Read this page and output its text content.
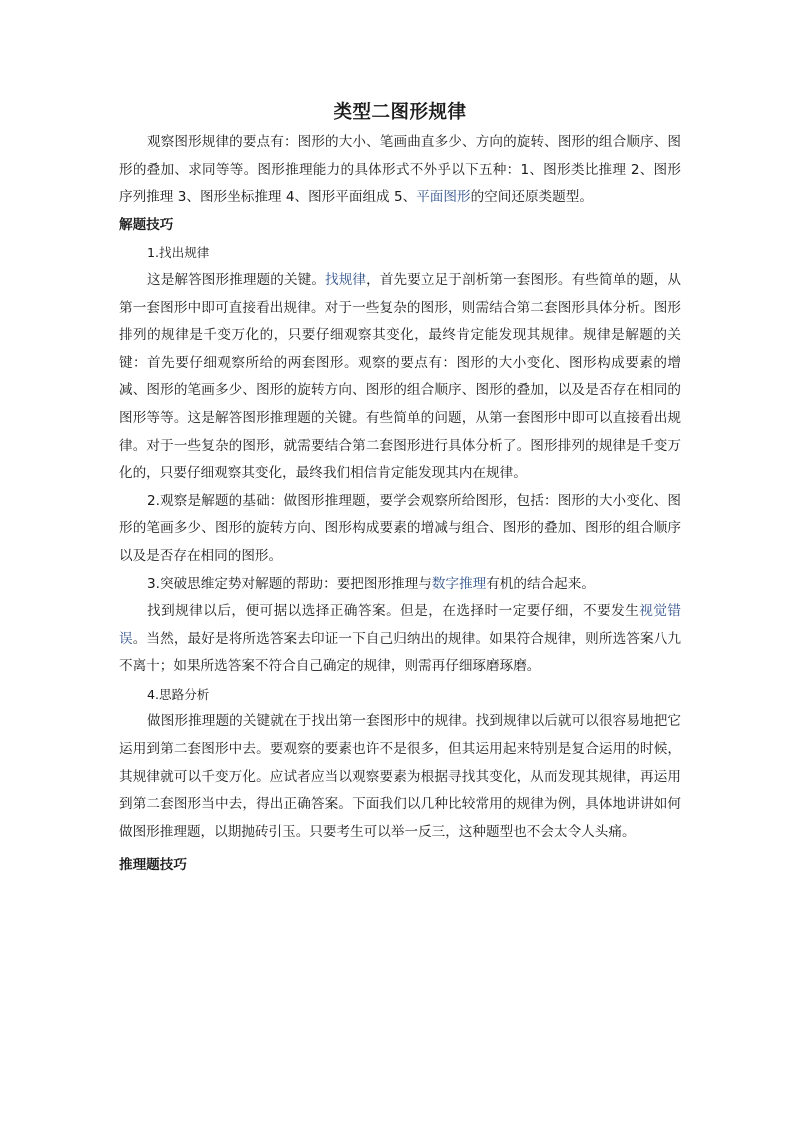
类型二图形规律

观察图形规律的要点有：图形的大小、笔画曲直多少、方向的旋转、图形的组合顺序、图形的叠加、求同等等。图形推理能力的具体形式不外乎以下五种：1、图形类比推理 2、图形序列推理 3、图形坐标推理 4、图形平面组成 5、平面图形的空间还原类题型。

解题技巧

1.找出规律

这是解答图形推理题的关键。找规律，首先要立足于剖析第一套图形。有些简单的题，从第一套图形中即可直接看出规律。对于一些复杂的图形，则需结合第二套图形具体分析。图形排列的规律是千变万化的，只要仔细观察其变化，最终肯定能发现其规律。规律是解题的关键：首先要仔细观察所给的两套图形。观察的要点有：图形的大小变化、图形构成要素的增减、图形的笔画多少、图形的旋转方向、图形的组合顺序、图形的叠加，以及是否存在相同的图形等等。这是解答图形推理题的关键。有些简单的问题，从第一套图形中即可以直接看出规律。对于一些复杂的图形，就需要结合第二套图形进行具体分析了。图形排列的规律是千变万化的，只要仔细观察其变化，最终我们相信肯定能发现其内在规律。

2.观察是解题的基础：做图形推理题，要学会观察所给图形，包括：图形的大小变化、图形的笔画多少、图形的旋转方向、图形构成要素的增减与组合、图形的叠加、图形的组合顺序以及是否存在相同的图形。

3.突破思维定势对解题的帮助：要把图形推理与数字推理有机的结合起来。

找到规律以后，便可据以选择正确答案。但是，在选择时一定要仔细，不要发生视觉错误。当然，最好是将所选答案去印证一下自己归纳出的规律。如果符合规律，则所选答案八九不离十；如果所选答案不符合自己确定的规律，则需再仔细琢磨琢磨。

4.思路分析

做图形推理题的关键就在于找出第一套图形中的规律。找到规律以后就可以很容易地把它运用到第二套图形中去。要观察的要素也许不是很多，但其运用起来特别是复合运用的时候，其规律就可以千变万化。应试者应当以观察要素为根据寻找其变化，从而发现其规律，再运用到第二套图形当中去，得出正确答案。下面我们以几种比较常用的规律为例，具体地讲讲如何做图形推理题，以期抛砖引玉。只要考生可以举一反三，这种题型也不会太令人头痛。

推理题技巧
